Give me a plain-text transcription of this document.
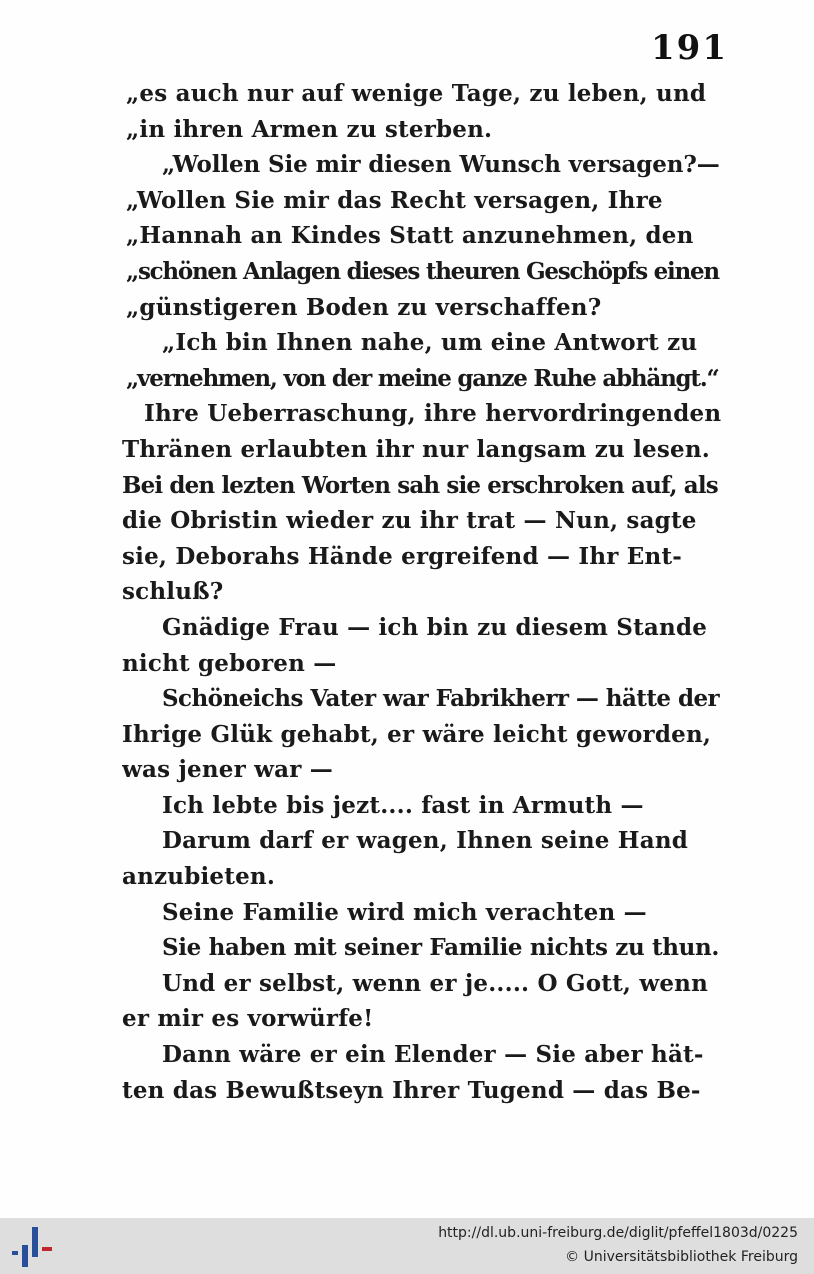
191
„es auch nur auf wenige Tage, zu leben, und
„in ihren Armen zu sterben.
„Wollen Sie mir diesen Wunsch versagen?—
„Wollen Sie mir das Recht versagen, Ihre
„Hannah an Kindes Statt anzunehmen, den
„schönen Anlagen dieses theuren Geschöpfs einen
„günstigeren Boden zu verschaffen?
„Ich bin Ihnen nahe, um eine Antwort zu
„vernehmen, von der meine ganze Ruhe abhängt.“
Ihre Ueberraschung, ihre hervordringenden
Thränen erlaubten ihr nur langsam zu lesen.
Bei den lezten Worten sah sie erschroken auf, als
die Obristin wieder zu ihr trat — Nun, sagte
sie, Deborahs Hände ergreifend — Ihr Ent-
schluß?
Gnädige Frau — ich bin zu diesem Stande
nicht geboren —
Schöneichs Vater war Fabrikherr — hätte der
Ihrige Glük gehabt, er wäre leicht geworden,
was jener war —
Ich lebte bis jezt.... fast in Armuth —
Darum darf er wagen, Ihnen seine Hand
anzubieten.
Seine Familie wird mich verachten —
Sie haben mit seiner Familie nichts zu thun.
Und er selbst, wenn er je..... O Gott, wenn
er mir es vorwürfe!
Dann wäre er ein Elender — Sie aber hät-
ten das Bewußtseyn Ihrer Tugend — das Be-
http://dl.ub.uni-freiburg.de/diglit/pfeffel1803d/0225
© Universitätsbibliothek Freiburg
